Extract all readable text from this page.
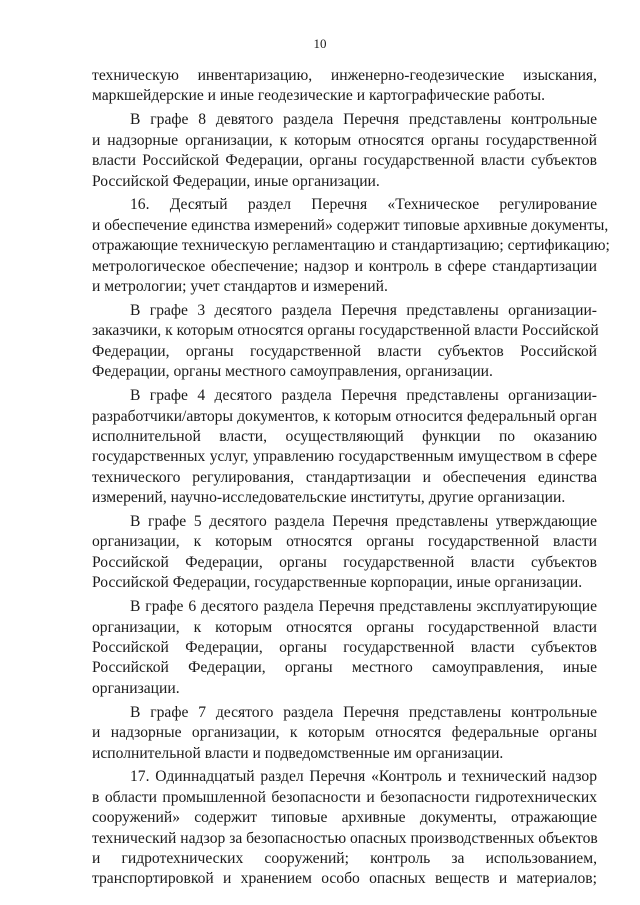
10
техническую инвентаризацию, инженерно-геодезические изыскания,
маркшейдерские и иные геодезические и картографические работы.
В графе 8 девятого раздела Перечня представлены контрольные
и надзорные организации, к которым относятся органы государственной
власти Российской Федерации, органы государственной власти субъектов
Российской Федерации, иные организации.
16. Десятый раздел Перечня «Техническое регулирование
и обеспечение единства измерений» содержит типовые архивные документы,
отражающие техническую регламентацию и стандартизацию; сертификацию;
метрологическое обеспечение; надзор и контроль в сфере стандартизации
и метрологии; учет стандартов и измерений.
В графе 3 десятого раздела Перечня представлены организации-
заказчики, к которым относятся органы государственной власти Российской
Федерации, органы государственной власти субъектов Российской
Федерации, органы местного самоуправления, организации.
В графе 4 десятого раздела Перечня представлены организации-
разработчики/авторы документов, к которым относится федеральный орган
исполнительной власти, осуществляющий функции по оказанию
государственных услуг, управлению государственным имуществом в сфере
технического регулирования, стандартизации и обеспечения единства
измерений, научно-исследовательские институты, другие организации.
В графе 5 десятого раздела Перечня представлены утверждающие
организации, к которым относятся органы государственной власти
Российской Федерации, органы государственной власти субъектов
Российской Федерации, государственные корпорации, иные организации.
В графе 6 десятого раздела Перечня представлены эксплуатирующие
организации, к которым относятся органы государственной власти
Российской Федерации, органы государственной власти субъектов
Российской Федерации, органы местного самоуправления, иные
организации.
В графе 7 десятого раздела Перечня представлены контрольные
и надзорные организации, к которым относятся федеральные органы
исполнительной власти и подведомственные им организации.
17. Одиннадцатый раздел Перечня «Контроль и технический надзор
в области промышленной безопасности и безопасности гидротехнических
сооружений» содержит типовые архивные документы, отражающие
технический надзор за безопасностью опасных производственных объектов
и гидротехнических сооружений; контроль за использованием,
транспортировкой и хранением особо опасных веществ и материалов;
